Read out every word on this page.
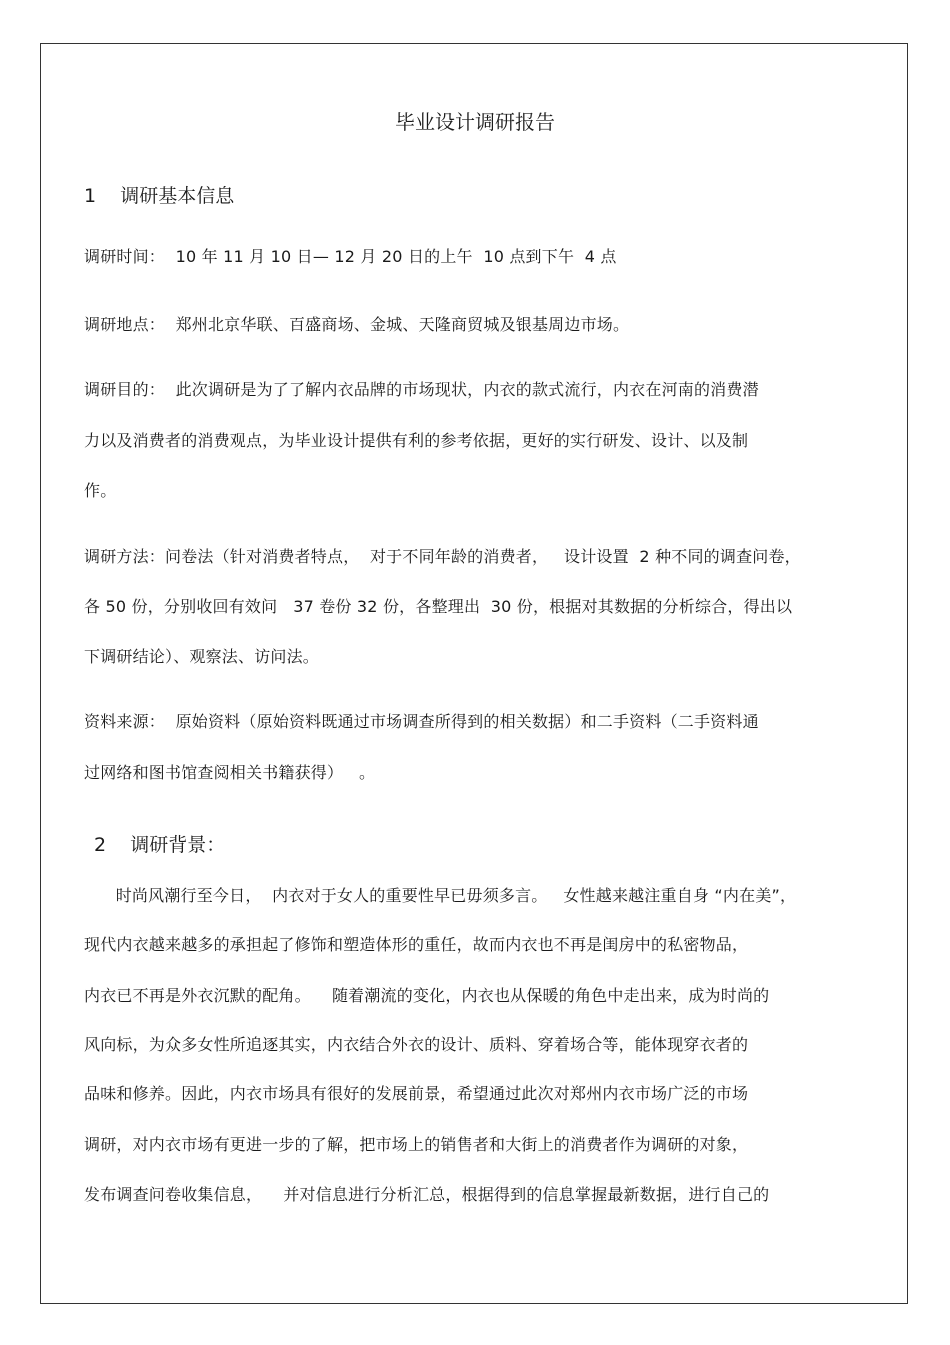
毕业设计调研报告
1    调研基本信息
调研时间：  10 年 11 月 10 日— 12 月 20 日的上午  10 点到下午  4 点
调研地点：  郑州北京华联、百盛商场、金城、天隆商贸城及银基周边市场。
调研目的：  此次调研是为了了解内衣品牌的市场现状，内衣的款式流行，内衣在河南的消费潜
力以及消费者的消费观点，为毕业设计提供有利的参考依据，更好的实行研发、设计、以及制
作。
调研方法：问卷法（针对消费者特点，  对于不同年龄的消费者，   设计设置  2 种不同的调查问卷，
各 50 份，分别收回有效问   37 卷份 32 份，各整理出  30 份，根据对其数据的分析综合，得出以
下调研结论）、观察法、访问法。
资料来源：  原始资料（原始资料既通过市场调查所得到的相关数据）和二手资料（二手资料通
过网络和图书馆查阅相关书籍获得）   。
2    调研背景：
时尚风潮行至今日，  内衣对于女人的重要性早已毋须多言。   女性越来越注重自身 “内在美”，
现代内衣越来越多的承担起了修饰和塑造体形的重任，故而内衣也不再是闺房中的私密物品，
内衣已不再是外衣沉默的配角。    随着潮流的变化，内衣也从保暖的角色中走出来，成为时尚的
风向标，为众多女性所追逐其实，内衣结合外衣的设计、质料、穿着场合等，能体现穿衣者的
品味和修养。因此，内衣市场具有很好的发展前景，希望通过此次对郑州内衣市场广泛的市场
调研，对内衣市场有更进一步的了解，把市场上的销售者和大街上的消费者作为调研的对象，
发布调查问卷收集信息，    并对信息进行分析汇总，根据得到的信息掌握最新数据，进行自己的
